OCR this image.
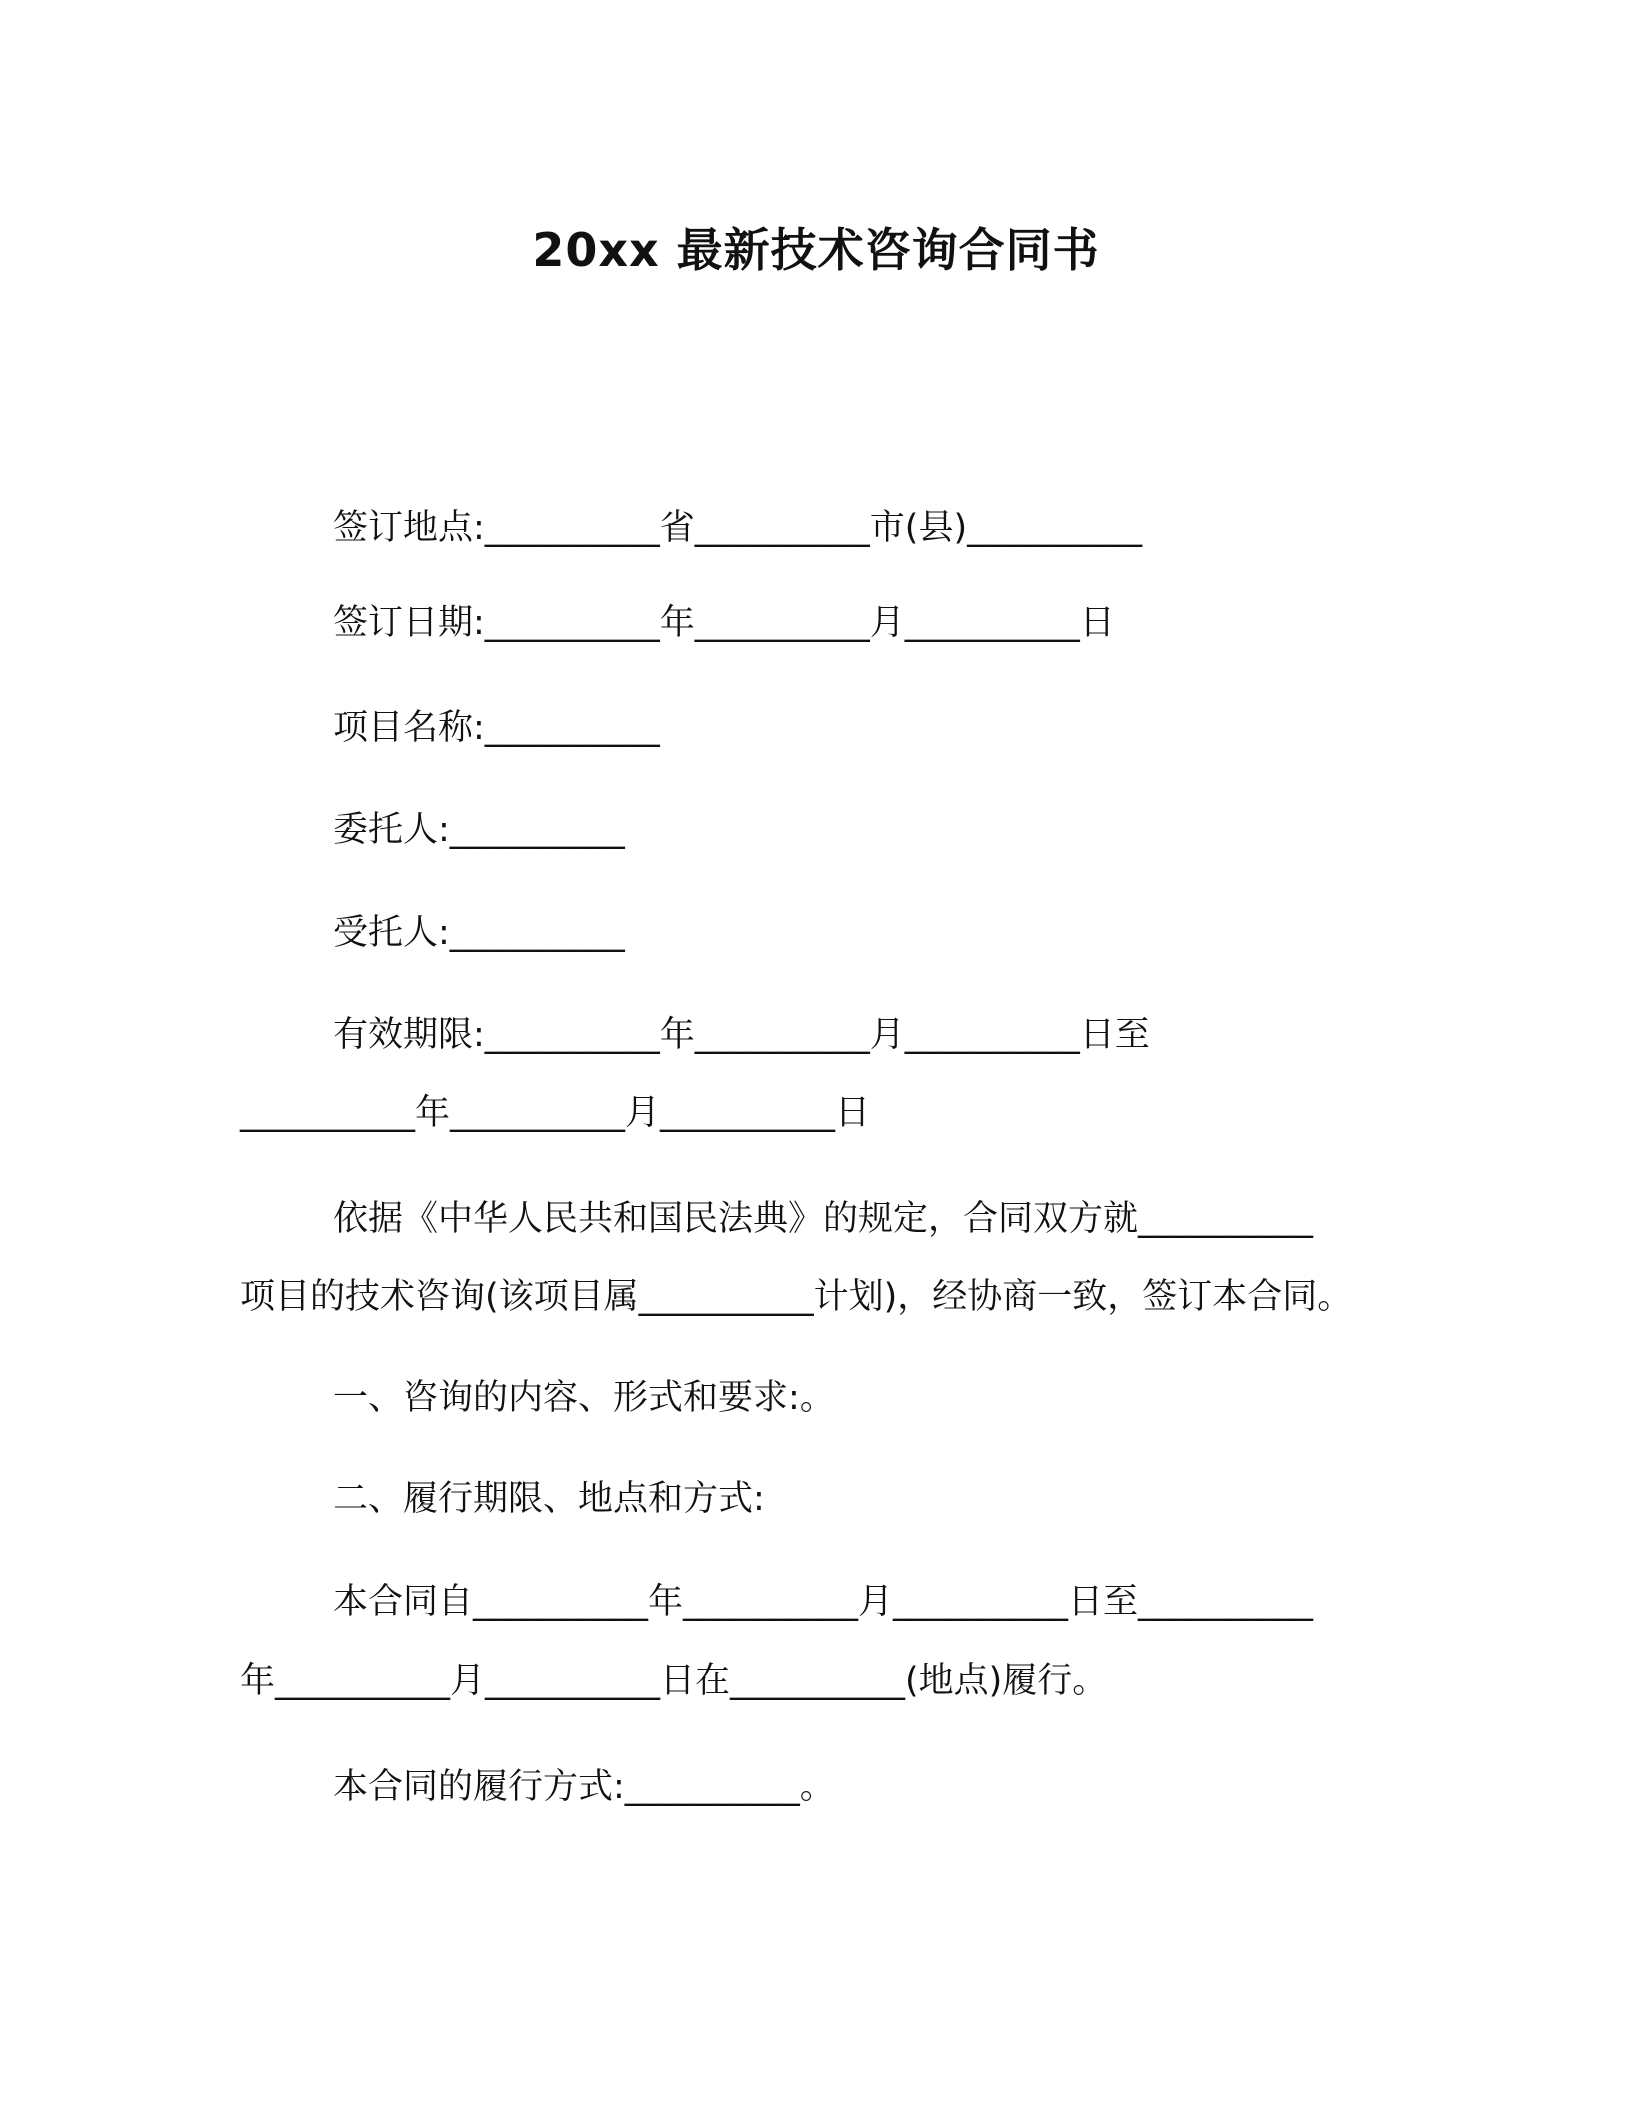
20xx 最新技术咨询合同书
签订地点:__________省__________市(县)__________
签订日期:__________年__________月__________日
项目名称:__________
委托人:__________
受托人:__________
有效期限:__________年__________月__________日至
__________年__________月__________日
依据《中华人民共和国民法典》的规定，合同双方就__________
项目的技术咨询(该项目属__________计划)，经协商一致，签订本合同。
一、咨询的内容、形式和要求:。
二、履行期限、地点和方式:
本合同自__________年__________月__________日至__________
年__________月__________日在__________(地点)履行。
本合同的履行方式:__________。
